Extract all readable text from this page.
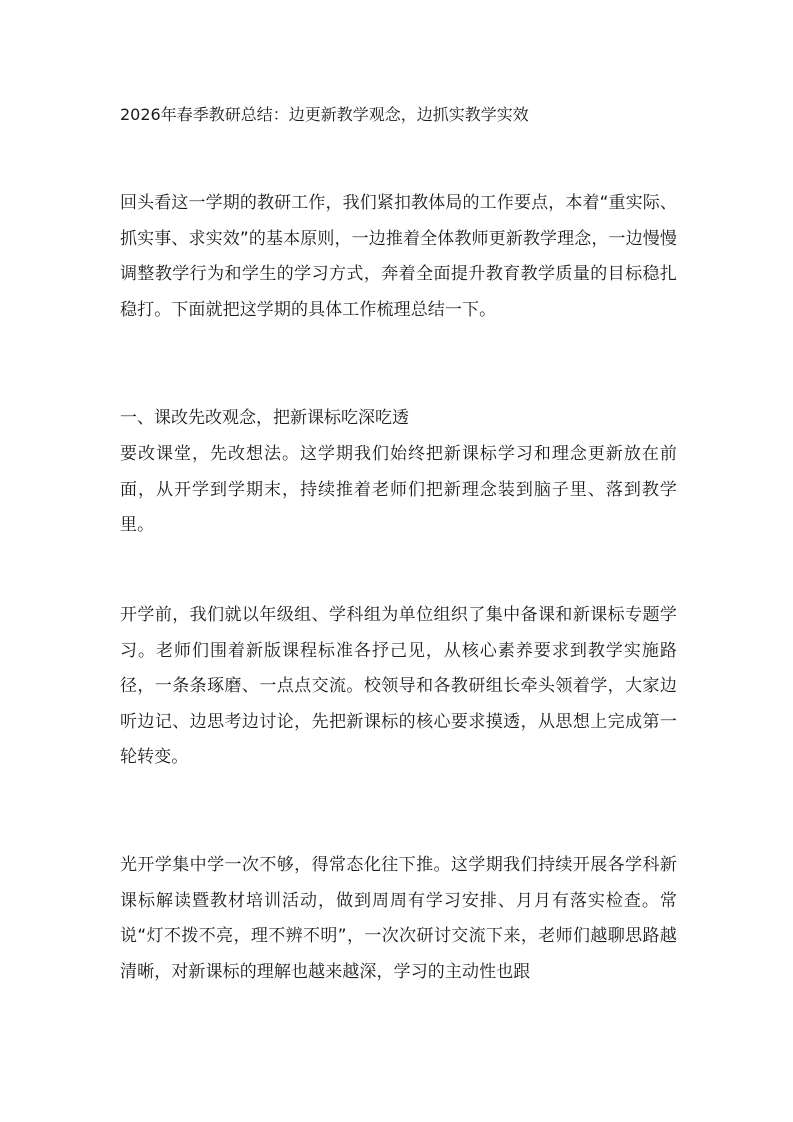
2026年春季教研总结：边更新教学观念，边抓实教学实效

回头看这一学期的教研工作，我们紧扣教体局的工作要点，本着“重实际、抓实事、求实效”的基本原则，一边推着全体教师更新教学理念，一边慢慢调整教学行为和学生的学习方式，奔着全面提升教育教学质量的目标稳扎稳打。下面就把这学期的具体工作梳理总结一下。

一、课改先改观念，把新课标吃深吃透

要改课堂，先改想法。这学期我们始终把新课标学习和理念更新放在前面，从开学到学期末，持续推着老师们把新理念装到脑子里、落到教学里。

开学前，我们就以年级组、学科组为单位组织了集中备课和新课标专题学习。老师们围着新版课程标准各抒己见，从核心素养要求到教学实施路径，一条条琢磨、一点点交流。校领导和各教研组长牵头领着学，大家边听边记、边思考边讨论，先把新课标的核心要求摸透，从思想上完成第一轮转变。

光开学集中学一次不够，得常态化往下推。这学期我们持续开展各学科新课标解读暨教材培训活动，做到周周有学习安排、月月有落实检查。常说“灯不拨不亮，理不辨不明”，一次次研讨交流下来，老师们越聊思路越清晰，对新课标的理解也越来越深，学习的主动性也跟
